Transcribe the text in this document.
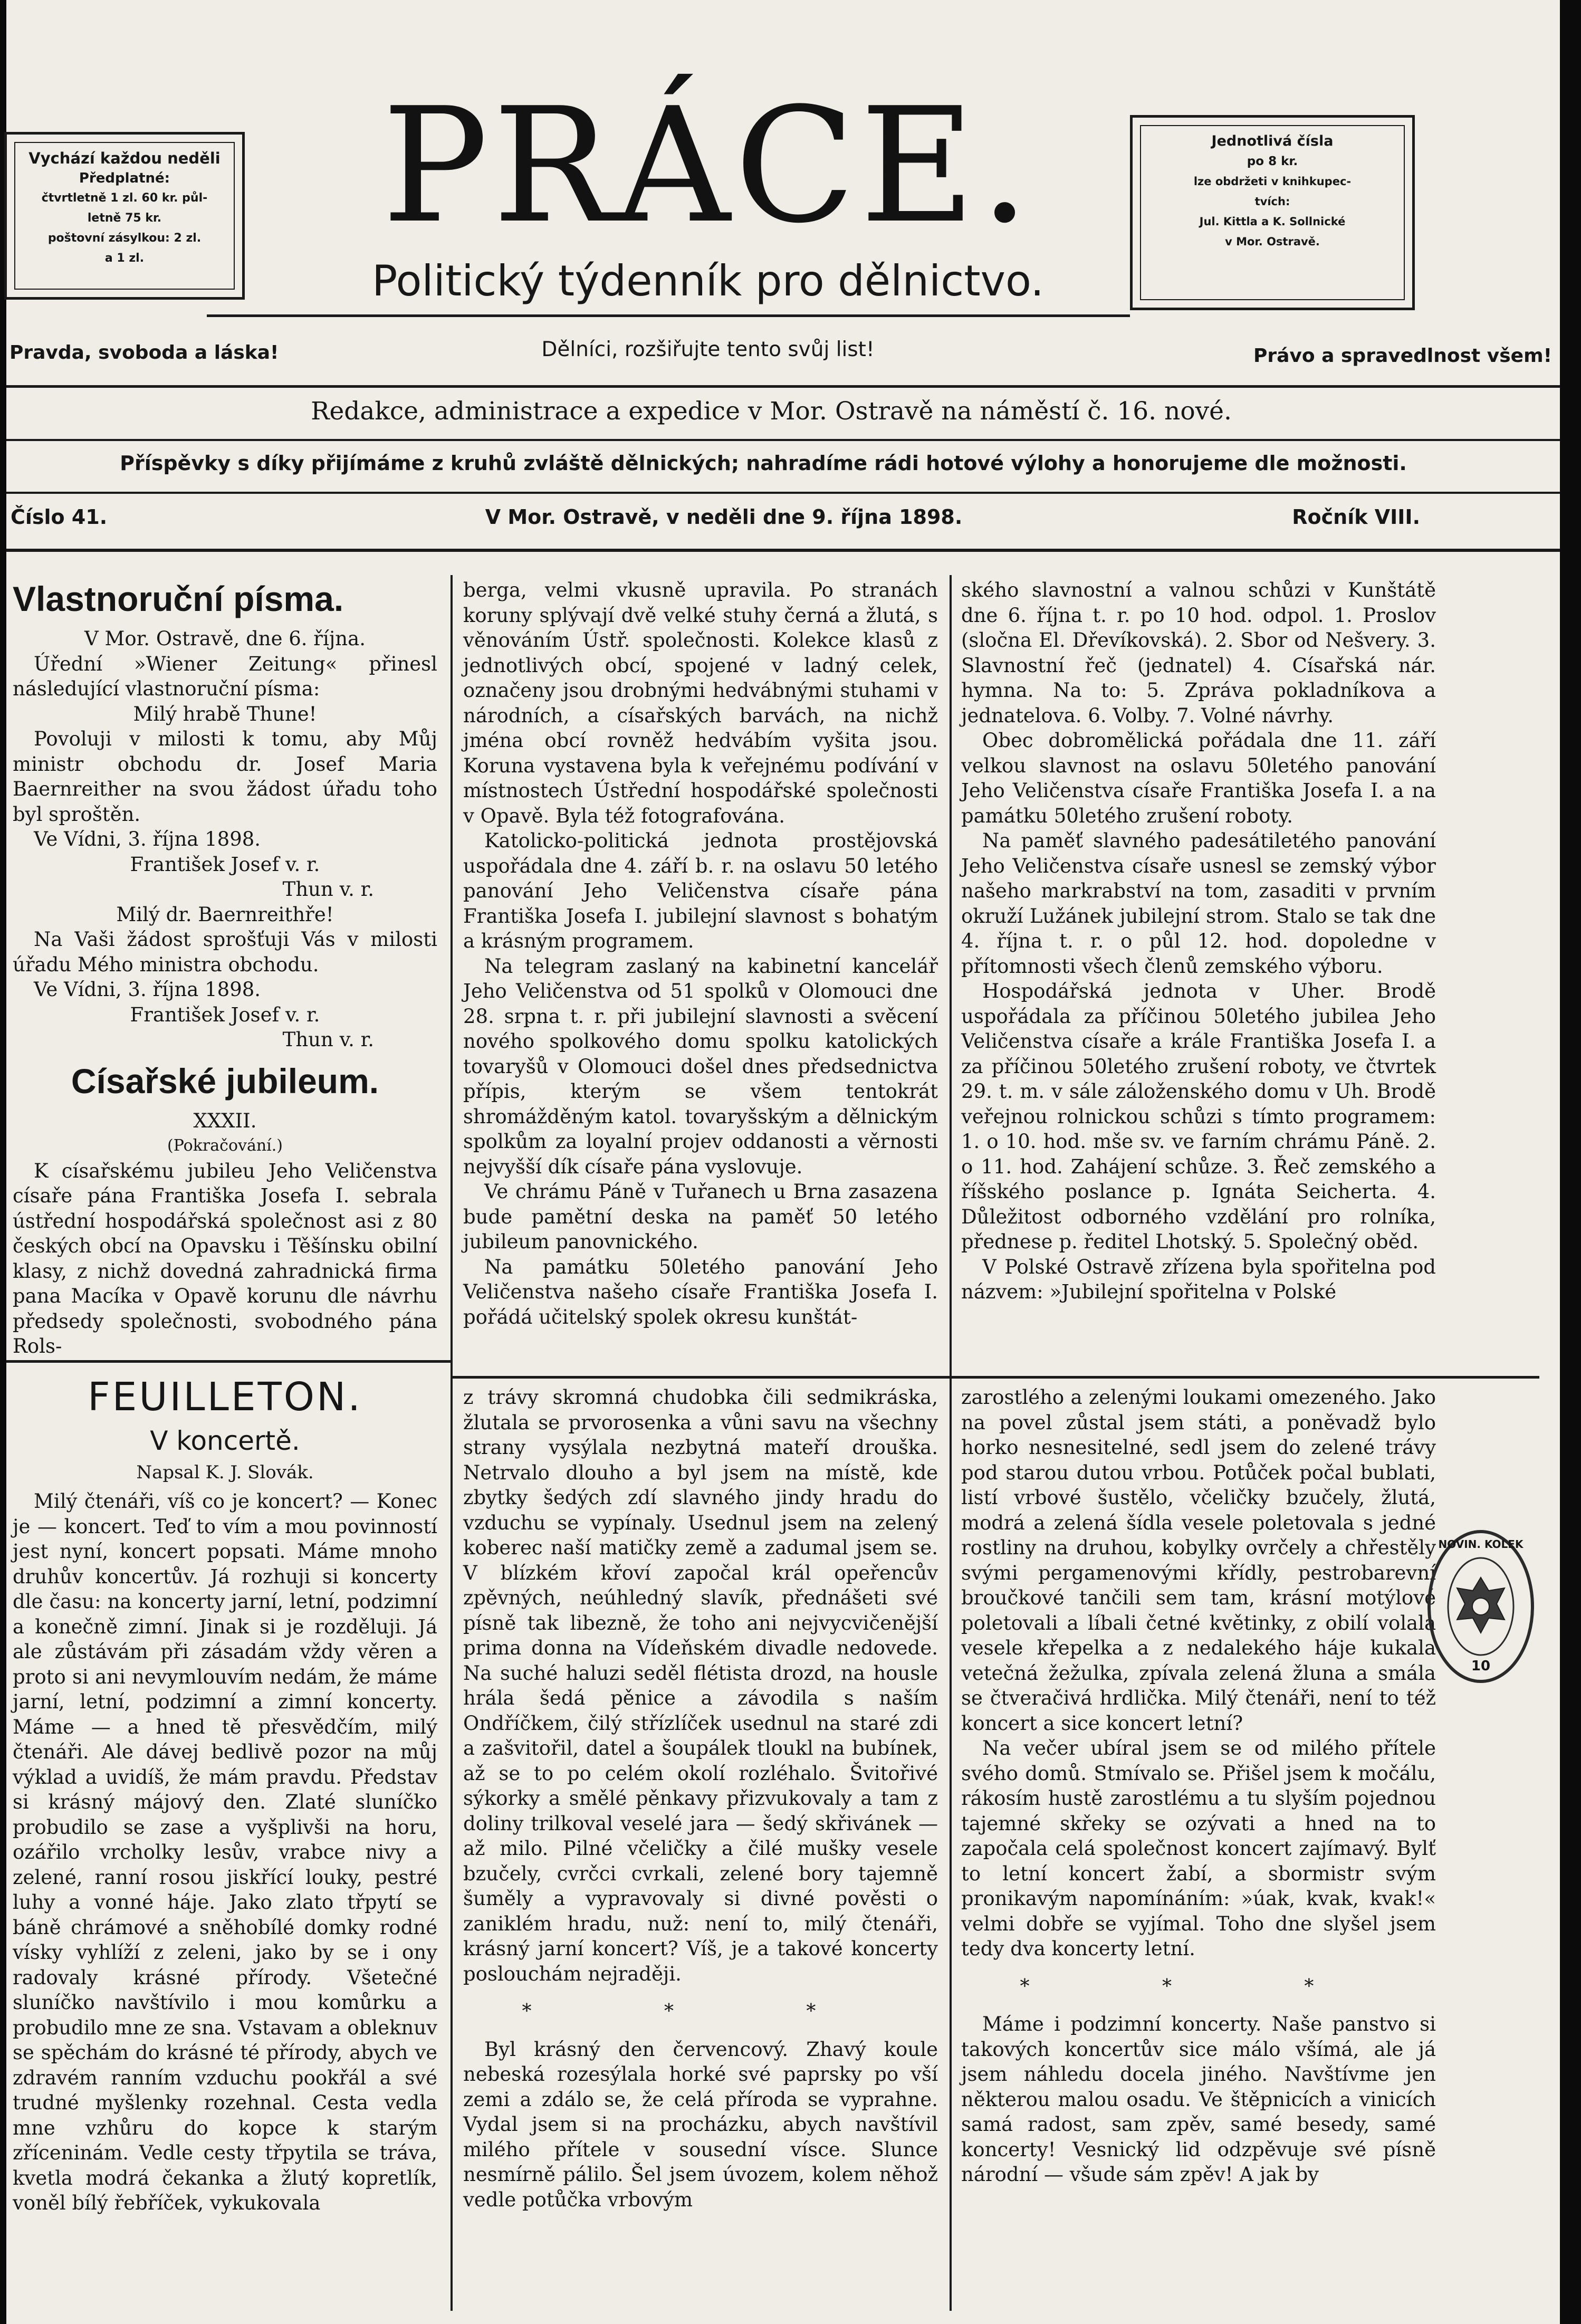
Vychází každou neděli
Předplatné:
čtvrtletně 1 zl. 60 kr. půl-
letně 75 kr.
poštovní zásylkou: 2 zl.
a 1 zl.
PRÁCE.
Politický týdenník pro dělnictvo.
Jednotlivá čísla
po 8 kr.
lze obdržeti v knihkupec-
tvích:
Jul. Kittla a K. Sollnické
v Mor. Ostravě.
Pravda, svoboda a láska!	Dělníci, rozšiřujte tento svůj list!	Právo a spravedlnost všem!
Redakce, administrace a expedice v Mor. Ostravě na náměstí č. 16. nové.
Příspěvky s díky přijímáme z kruhů zvláště dělnických; nahradíme rádi hotové výlohy a honorujeme dle možnosti.
Číslo 41.	V Mor. Ostravě, v neděli dne 9. října 1898.	Ročník VIII.
Vlastnoruční písma.

V Mor. Ostravě, dne 6. října.

Úřední »Wiener Zeitung« přinesl následující vlastnoruční písma:

Milý hrabě Thune!

Povoluji v milosti k tomu, aby Můj ministr obchodu dr. Josef Maria Baernreither na svou žádost úřadu toho byl sproštěn.

Ve Vídni, 3. října 1898.

František Josef v. r.

Thun v. r.

Milý dr. Baernreithře!

Na Vaši žádost sprošťuji Vás v milosti úřadu Mého ministra obchodu.

Ve Vídni, 3. října 1898.

František Josef v. r.

Thun v. r.

Císařské jubileum.

XXXII.

(Pokračování.)

K císařskému jubileu Jeho Veličenstva císaře pána Františka Josefa I. sebrala ústřední hospodářská společnost asi z 80 českých obcí na Opavsku i Těšínsku obilní klasy, z nichž dovedná zahradnická firma pana Macíka v Opavě korunu dle návrhu předsedy společnosti, svobodného pána Rols-

berga, velmi vkusně upravila. Po stranách koruny splývají dvě velké stuhy černá a žlutá, s věnováním Ústř. společnosti. Kolekce klasů z jednotlivých obcí, spojené v ladný celek, označeny jsou drobnými hedvábnými stuhami v národních, a císařských barvách, na nichž jména obcí rovněž hedvábím vyšita jsou. Koruna vystavena byla k veřejnému podívání v místnostech Ústřední hospodářské společnosti v Opavě. Byla též fotografována.

Katolicko-politická jednota prostějovská uspořádala dne 4. září b. r. na oslavu 50 letého panování Jeho Veličenstva císaře pána Františka Josefa I. jubilejní slavnost s bohatým a krásným programem.

Na telegram zaslaný na kabinetní kancelář Jeho Veličenstva od 51 spolků v Olomouci dne 28. srpna t. r. při jubilejní slavnosti a svěcení nového spolkového domu spolku katolických tovaryšů v Olomouci došel dnes předsednictva přípis, kterým se všem tentokrát shromážděným katol. tovaryšským a dělnickým spolkům za loyalní projev oddanosti a věrnosti nejvyšší dík císaře pána vyslovuje.

Ve chrámu Páně v Tuřanech u Brna zasazena bude pamětní deska na paměť 50 letého jubileum panovnického.

Na památku 50letého panování Jeho Veličenstva našeho císaře Františka Josefa I. pořádá učitelský spolek okresu kunštát-

ského slavnostní a valnou schůzi v Kunštátě dne 6. října t. r. po 10 hod. odpol. 1. Proslov (sločna El. Dřevíkovská). 2. Sbor od Nešvery. 3. Slavnostní řeč (jednatel) 4. Císařská nár. hymna. Na to: 5. Zpráva pokladníkova a jednatelova. 6. Volby. 7. Volné návrhy.

Obec dobromělická pořádala dne 11. září velkou slavnost na oslavu 50letého panování Jeho Veličenstva císaře Františka Josefa I. a na památku 50letého zrušení roboty.

Na paměť slavného padesátiletého panování Jeho Veličenstva císaře usnesl se zemský výbor našeho markrabství na tom, zasaditi v prvním okruží Lužánek jubilejní strom. Stalo se tak dne 4. října t. r. o půl 12. hod. dopoledne v přítomnosti všech členů zemského výboru.

Hospodářská jednota v Uher. Brodě uspořádala za příčinou 50letého jubilea Jeho Veličenstva císaře a krále Františka Josefa I. a za příčinou 50letého zrušení roboty, ve čtvrtek 29. t. m. v sále záloženského domu v Uh. Brodě veřejnou rolnickou schůzi s tímto programem: 1. o 10. hod. mše sv. ve farním chrámu Páně. 2. o 11. hod. Zahájení schůze. 3. Řeč zemského a říšského poslance p. Ignáta Seicherta. 4. Důležitost odborného vzdělání pro rolníka, přednese p. ředitel Lhotský. 5. Společný oběd.

V Polské Ostravě zřízena byla spořitelna pod názvem: »Jubilejní spořitelna v Polské

FEUILLETON.
V koncertě.
Napsal K. J. Slovák.

Milý čtenáři, víš co je koncert? — Konec je — koncert. Teď to vím a mou povinností jest nyní, koncert popsati. Máme mnoho druhův koncertův. Já rozhuji si koncerty dle času: na koncerty jarní, letní, podzimní a konečně zimní. Jinak si je rozděluji. Já ale zůstávám při zásadám vždy věren a proto si ani nevymlouvím nedám, že máme jarní, letní, podzimní a zimní koncerty. Máme — a hned tě přesvědčím, milý čtenáři. Ale dávej bedlivě pozor na můj výklad a uvidíš, že mám pravdu. Představ si krásný májový den. Zlaté sluníčko probudilo se zase a vyšplivši na horu, ozářilo vrcholky lesův, vrabce nivy a zelené, ranní rosou jiskřící louky, pestré luhy a vonné háje. Jako zlato třpytí se báně chrámové a sněhobílé domky rodné vísky vyhlíží z zeleni, jako by se i ony radovaly krásné přírody. Všetečné sluníčko navštívilo i mou komůrku a probudilo mne ze sna. Vstavam a obleknuv se spěchám do krásné té přírody, abych ve zdravém ranním vzduchu pookřál a své trudné myšlenky rozehnal. Cesta vedla mne vzhůru do kopce k starým zříceninám. Vedle cesty třpytila se tráva, kvetla modrá čekanka a žlutý kopretlík, voněl bílý řebříček, vykukovala

z trávy skromná chudobka čili sedmikráska, žlutala se prvorosenka a vůni savu na všechny strany vysýlala nezbytná mateří drouška. Netrvalo dlouho a byl jsem na místě, kde zbytky šedých zdí slavného jindy hradu do vzduchu se vypínaly. Usednul jsem na zelený koberec naší matičky země a zadumal jsem se. V blízkém křoví započal král opeřencův zpěvných, neúhledný slavík, přednášeti své písně tak libezně, že toho ani nejvycvičenější prima donna na Vídeňském divadle nedovede. Na suché haluzi seděl flétista drozd, na housle hrála šedá pěnice a závodila s naším Ondříčkem, čilý střízlíček usednul na staré zdi a zašvitořil, datel a šoupálek tloukl na bubínek, až se to po celém okolí rozléhalo. Švitořivé sýkorky a smělé pěnkavy přizvukovaly a tam z doliny trilkoval veselé jara — šedý skřivánek — až milo. Pilné včeličky a čilé mušky vesele bzučely, cvrčci cvrkali, zelené bory tajemně šuměly a vypravovaly si divné pověsti o zaniklém hradu, nuž: není to, milý čtenáři, krásný jarní koncert? Víš, je a takové koncerty poslouchám nejraději.

* * *

Byl krásný den červencový. Zhavý koule nebeská rozesýlala horké své paprsky po vší zemi a zdálo se, že celá příroda se vyprahne. Vydal jsem si na procházku, abych navštívil milého přítele v sousední vísce. Slunce nesmírně pálilo. Šel jsem úvozem, kolem něhož vedle potůčka vrbovým

zarostlého a zelenými loukami omezeného. Jako na povel zůstal jsem státi, a poněvadž bylo horko nesnesitelné, sedl jsem do zelené trávy pod starou dutou vrbou. Potůček počal bublati, listí vrbové šustělo, včeličky bzučely, žlutá, modrá a zelená šídla vesele poletovala s jedné rostliny na druhou, kobylky ovrčely a chřestěly svými pergamenovými křídly, pestrobarevní broučkové tančili sem tam, krásní motýlové poletovali a líbali četné květinky, z obilí volala vesele křepelka a z nedalekého háje kukala vetečná žežulka, zpívala zelená žluna a smála se čtveračivá hrdlička. Milý čtenáři, není to též koncert a sice koncert letní?

Na večer ubíral jsem se od milého přítele svého domů. Stmívalo se. Přišel jsem k močálu, rákosím hustě zarostlému a tu slyším pojednou tajemné skřeky se ozývati a hned na to započala celá společnost koncert zajímavý. Bylť to letní koncert žabí, a sbormistr svým pronikavým napomínáním: »úak, kvak, kvak!« velmi dobře se vyjímal. Toho dne slyšel jsem tedy dva koncerty letní.

* * *

Máme i podzimní koncerty. Naše panstvo si takových koncertův sice málo všímá, ale já jsem náhledu docela jiného. Navštívme jen některou malou osadu. Ve štěpnicích a vinicích samá radost, sam zpěv, samé besedy, samé koncerty! Vesnický lid odzpěvuje své písně národní — všude sám zpěv! A jak by

NOVIN. KOLEK
10
